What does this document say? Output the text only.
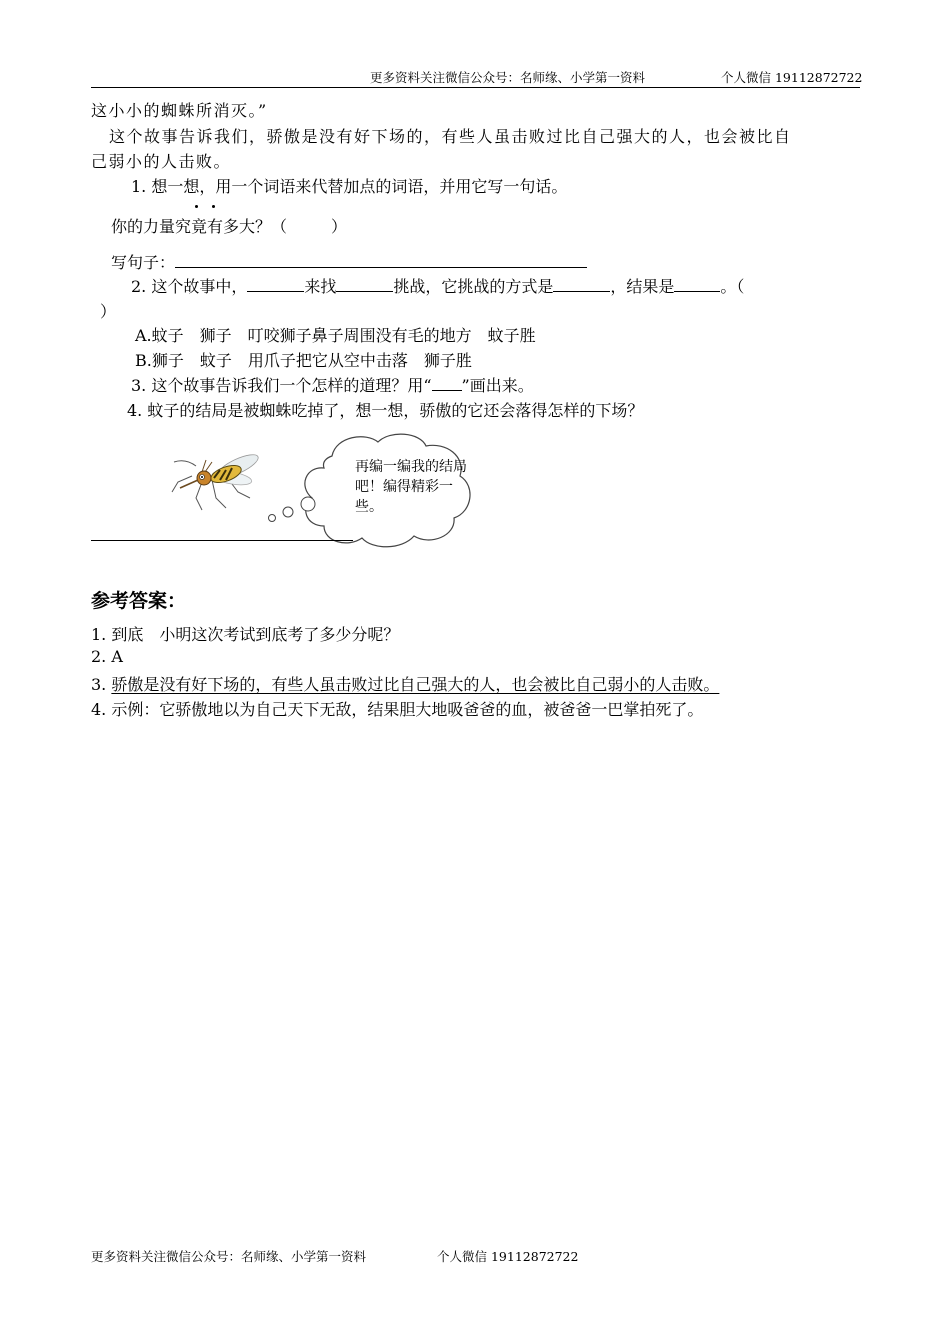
更多资料关注微信公众号：名师缘、小学第一资料	个人微信 19112872722
这小小的蜘蛛所消灭。”
这个故事告诉我们，骄傲是没有好下场的，有些人虽击败过比自己强大的人，也会被比自
己弱小的人击败。
1. 想一想，用一个词语来代替加点的词语，并用它写一句话。
你的力量究竟有多大？（	）
写句子：
2. 这个故事中，	来找	挑战，它挑战的方式是	，结果是	。（
）
A.蚊子　狮子　叮咬狮子鼻子周围没有毛的地方　蚊子胜
B.狮子　蚊子　用爪子把它从空中击落　狮子胜
3. 这个故事告诉我们一个怎样的道理？用“ ”画出来。
4. 蚊子的结局是被蜘蛛吃掉了，想一想，骄傲的它还会落得怎样的下场？
再编一编我的结局吧！编得精彩一些。
参考答案：
1. 到底　小明这次考试到底考了多少分呢？
2. A
3. 骄傲是没有好下场的，有些人虽击败过比自己强大的人，也会被比自己弱小的人击败。
4. 示例：它骄傲地以为自己天下无敌，结果胆大地吸爸爸的血，被爸爸一巴掌拍死了。
更多资料关注微信公众号：名师缘、小学第一资料	个人微信 19112872722
